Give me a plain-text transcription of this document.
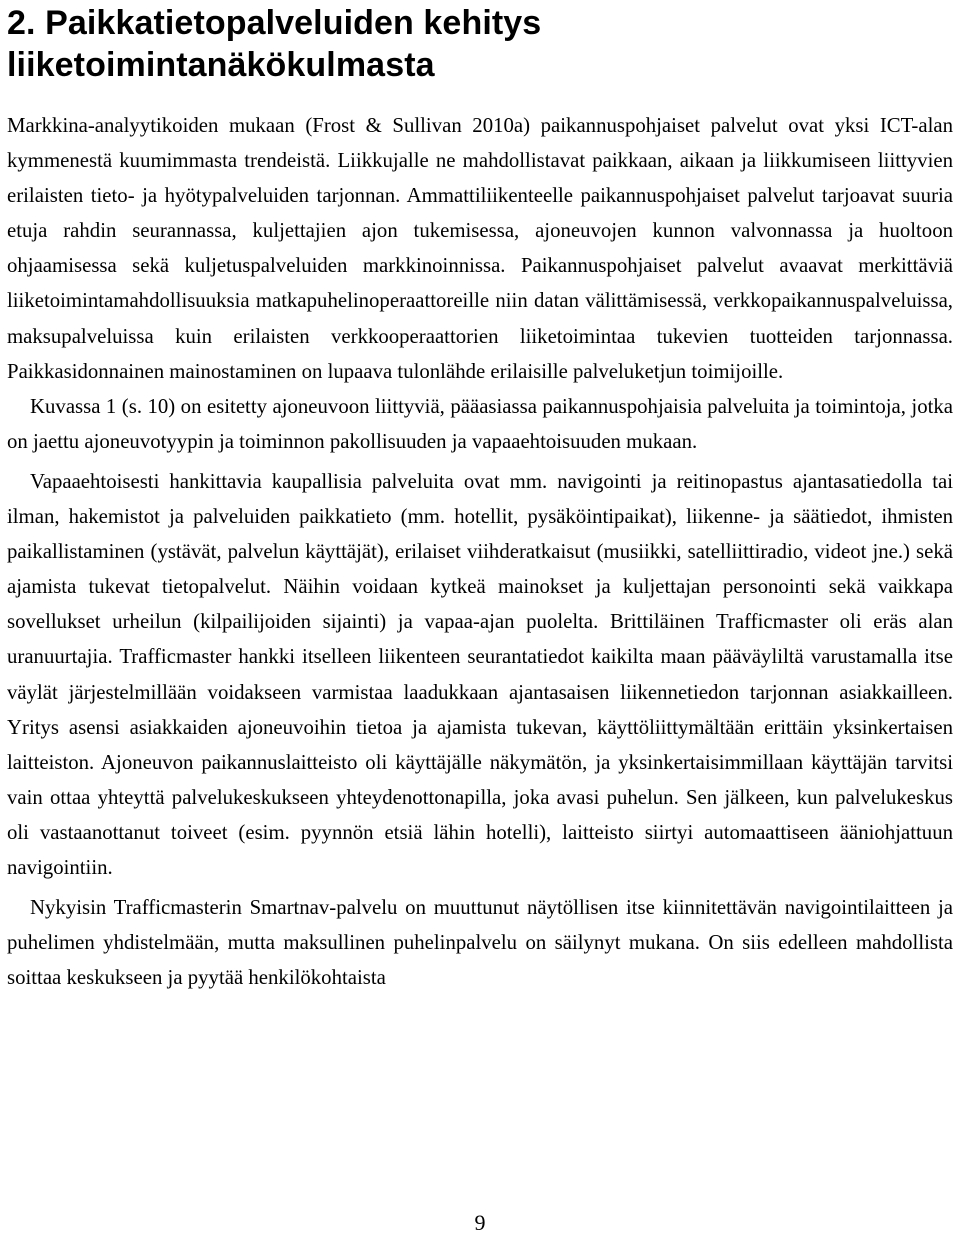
2. Paikkatietopalveluiden kehitys
liiketoimintanäkökulmasta

Markkina-analyytikoiden mukaan (Frost & Sullivan 2010a) paikannuspohjaiset palvelut ovat yksi ICT-alan kymmenestä kuumimmasta trendeistä. Liikkujalle ne mahdollistavat paikkaan, aikaan ja liikkumiseen liittyvien erilaisten tieto- ja hyötypalveluiden tarjonnan. Ammattiliikenteelle paikannuspohjaiset palvelut tarjoavat suuria etuja rahdin seurannassa, kuljettajien ajon tukemisessa, ajoneuvojen kunnon valvonnassa ja huoltoon ohjaamisessa sekä kuljetuspalveluiden markkinoinnissa. Paikannuspohjaiset palvelut avaavat merkittäviä liiketoimintamahdollisuuksia matkapuhelinoperaattoreille niin datan välittämisessä, verkkopaikannuspalveluissa, maksupalveluissa kuin erilaisten verkkooperaattorien liiketoimintaa tukevien tuotteiden tarjonnassa. Paikkasidonnainen mainostaminen on lupaava tulonlähde erilaisille palveluketjun toimijoille.

Kuvassa 1 (s. 10) on esitetty ajoneuvoon liittyviä, pääasiassa paikannuspohjaisia palveluita ja toimintoja, jotka on jaettu ajoneuvotyypin ja toiminnon pakollisuuden ja vapaaehtoisuuden mukaan.

Vapaaehtoisesti hankittavia kaupallisia palveluita ovat mm. navigointi ja reitinopastus ajantasatiedolla tai ilman, hakemistot ja palveluiden paikkatieto (mm. hotellit, pysäköintipaikat), liikenne- ja säätiedot, ihmisten paikallistaminen (ystävät, palvelun käyttäjät), erilaiset viihderatkaisut (musiikki, satelliittiradio, videot jne.) sekä ajamista tukevat tietopalvelut. Näihin voidaan kytkeä mainokset ja kuljettajan personointi sekä vaikkapa sovellukset urheilun (kilpailijoiden sijainti) ja vapaa-ajan puolelta. Brittiläinen Trafficmaster oli eräs alan uranuurtajia. Trafficmaster hankki itselleen liikenteen seurantatiedot kaikilta maan pääväyliltä varustamalla itse väylät järjestelmillään voidakseen varmistaa laadukkaan ajantasaisen liikennetiedon tarjonnan asiakkailleen. Yritys asensi asiakkaiden ajoneuvoihin tietoa ja ajamista tukevan, käyttöliittymältään erittäin yksinkertaisen laitteiston. Ajoneuvon paikannuslaitteisto oli käyttäjälle näkymätön, ja yksinkertaisimmillaan käyttäjän tarvitsi vain ottaa yhteyttä palvelukeskukseen yhteydenottonapilla, joka avasi puhelun. Sen jälkeen, kun palvelukeskus oli vastaanottanut toiveet (esim. pyynnön etsiä lähin hotelli), laitteisto siirtyi automaattiseen ääniohjattuun navigointiin.

Nykyisin Trafficmasterin Smartnav-palvelu on muuttunut näytöllisen itse kiinnitettävän navigointilaitteen ja puhelimen yhdistelmään, mutta maksullinen puhelinpalvelu on säilynyt mukana. On siis edelleen mahdollista soittaa keskukseen ja pyytää henkilökohtaista

9
